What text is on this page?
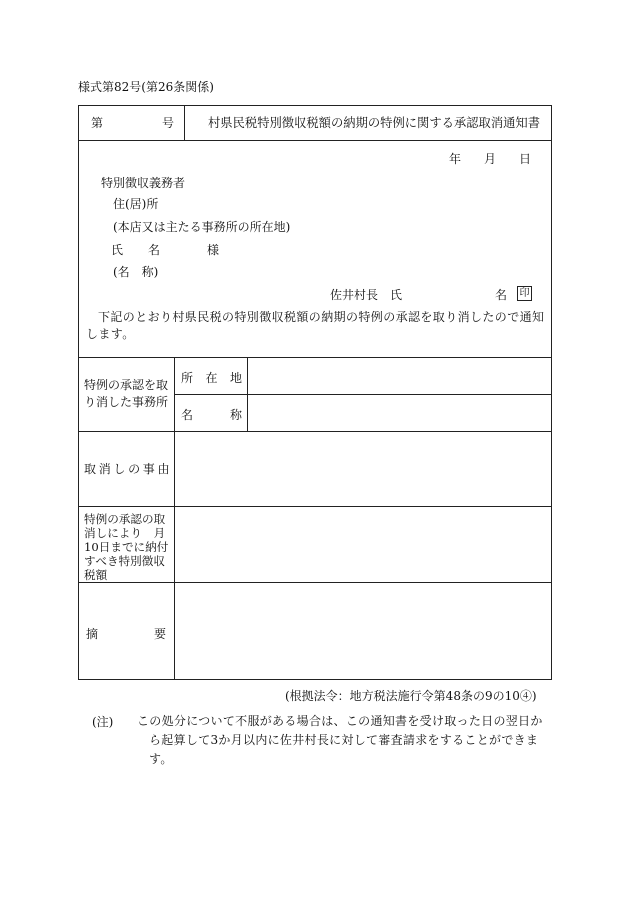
様式第82号(第26条関係)
第	号	村県民税特別徴収税額の納期の特例に関する承認取消通知書
年 月 日
特別徴収義務者
住(居)所
(本店又は主たる事務所の所在地)
氏 名	様
(名　称)
佐井村長　氏	名 印
下記のとおり村県民税の特別徴収税額の納期の特例の承認を取り消したので通知します。
特例の承認を取り消した事務所
所 在 地
名	称
取消しの事由
特例の承認の取消しにより　月10日までに納付すべき特別徴収税額
摘	要
(根拠法令：地方税法施行令第48条の9の10④)
(注) この処分について不服がある場合は、この通知書を受け取った日の翌日から起算して3か月以内に佐井村長に対して審査請求をすることができます。
